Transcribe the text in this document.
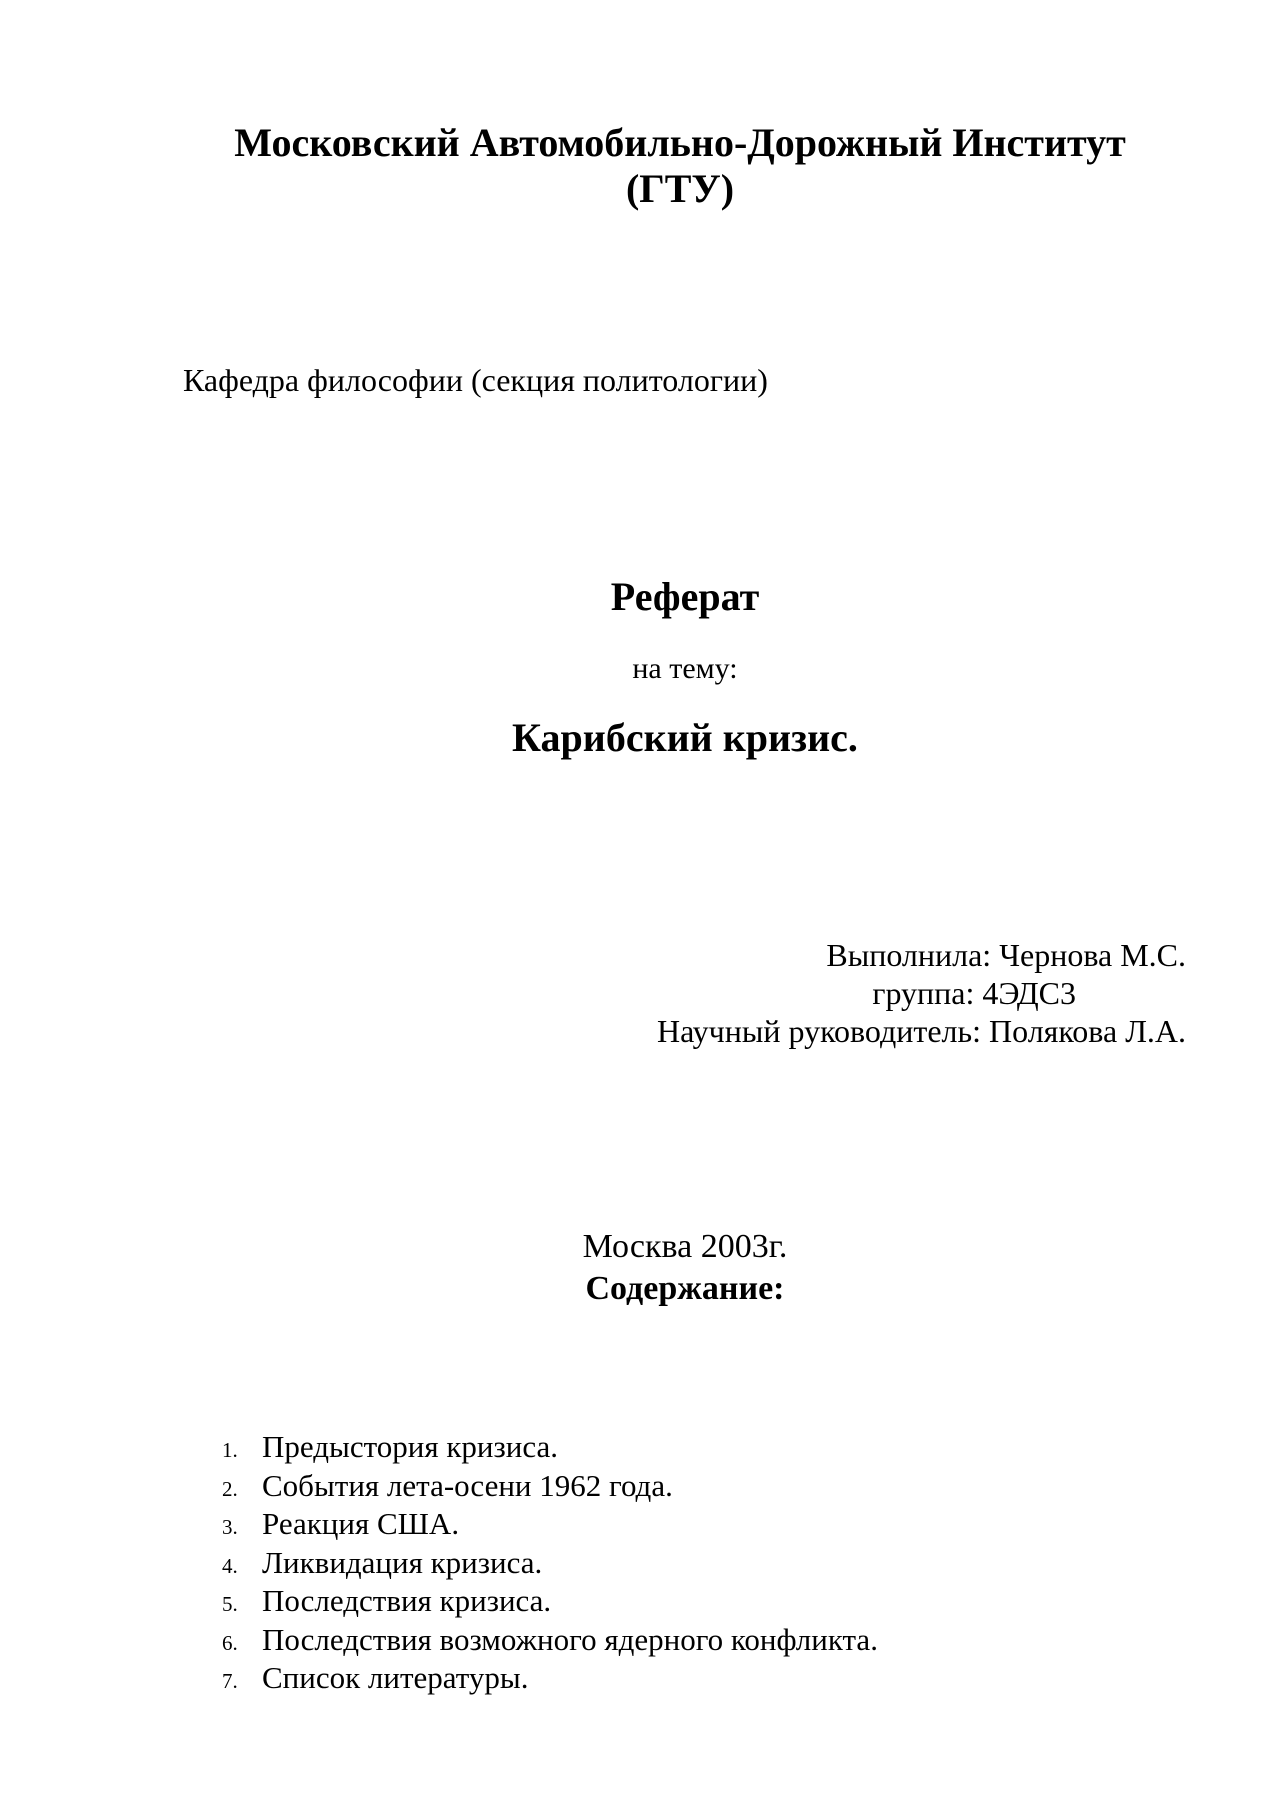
Московский Автомобильно-Дорожный Институт
(ГТУ)
Кафедра философии (секция политологии)
Реферат
на тему:
Карибский кризис.
Выполнила: Чернова М.С.
группа: 4ЭДС3
Научный руководитель: Полякова Л.А.
Москва 2003г.
Содержание:
1. Предыстория кризиса.
2. События лета-осени 1962 года.
3. Реакция США.
4. Ликвидация кризиса.
5. Последствия кризиса.
6. Последствия возможного ядерного конфликта.
7. Список литературы.
